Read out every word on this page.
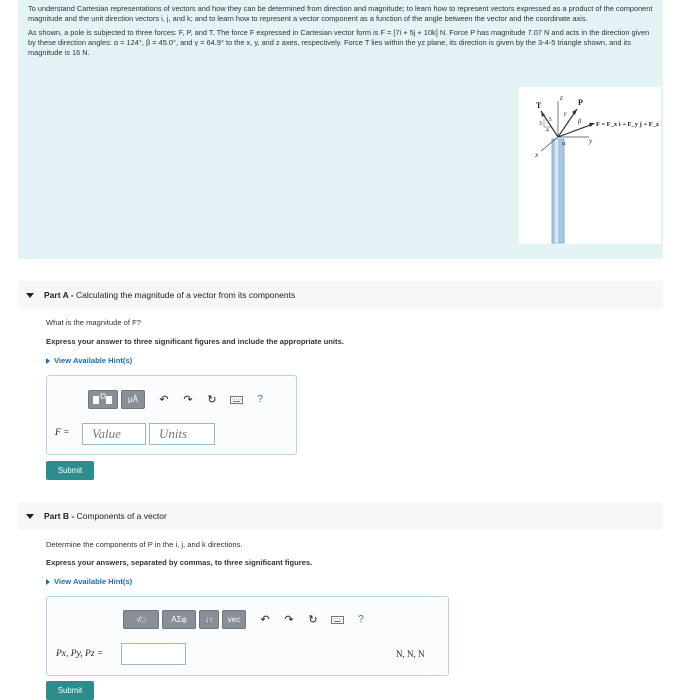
To understand Cartesian representations of vectors and how they can be determined from direction and magnitude; to learn how to represent vectors expressed as a product of the component magnitude and the unit direction vectors i, j, and k; and to learn how to represent a vector component as a function of the angle between the vector and the coordinate axis.

As shown, a pole is subjected to three forces: F, P, and T. The force F expressed in Cartesian vector form is F = [7i + 5j + 10k] N. Force P has magnitude 7.07 N and acts in the direction given by these direction angles: α = 124°, β = 45.0°, and γ = 64.9° to the x, y, and z axes, respectively. Force T lies within the yz plane, its direction is given by the 3-4-5 triangle shown, and its magnitude is 16 N.

T	P
z
x
y
β
α
γ
3
4
5
F = F_x i + F_y j + F_z k
Part A - Calculating the magnitude of a vector from its components
What is the magnitude of F?
Express your answer to three significant figures and include the appropriate units.
View Available Hint(s)
μÅ	↶	↷	↻	?
F =	Value	Units
Submit
Part B - Components of a vector
Determine the components of P in the i, j, and k directions.
Express your answers, separated by commas, to three significant figures.
View Available Hint(s)
√□	ΑΣφ	↓↑	vec	↶	↷	↻	?
Px, Py, Pz =	N, N, N
Submit
